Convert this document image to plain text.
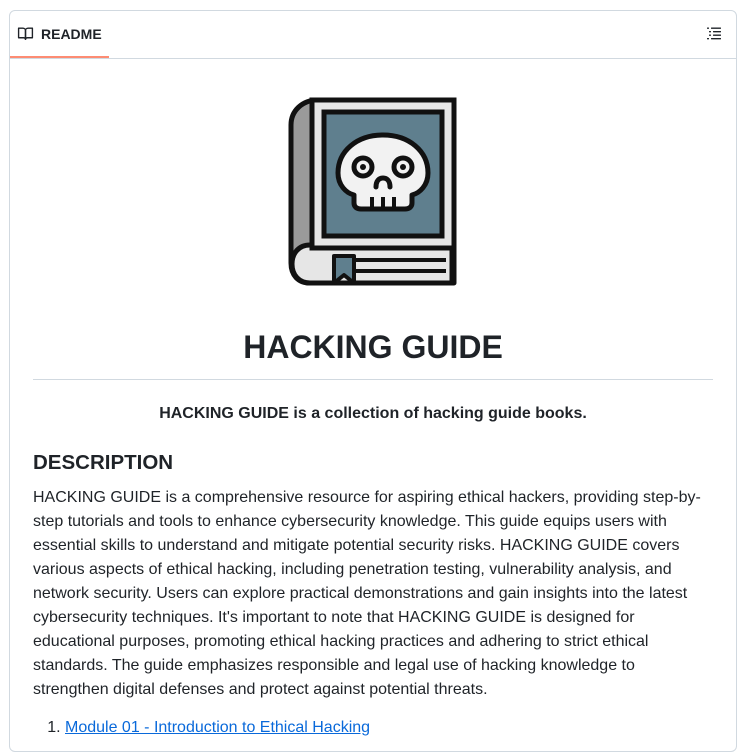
README
HACKING GUIDE
HACKING GUIDE is a collection of hacking guide books.
DESCRIPTION
HACKING GUIDE is a comprehensive resource for aspiring ethical hackers, providing step-by-step tutorials and tools to enhance cybersecurity knowledge. This guide equips users with essential skills to understand and mitigate potential security risks. HACKING GUIDE covers various aspects of ethical hacking, including penetration testing, vulnerability analysis, and network security. Users can explore practical demonstrations and gain insights into the latest cybersecurity techniques. It's important to note that HACKING GUIDE is designed for educational purposes, promoting ethical hacking practices and adhering to strict ethical standards. The guide emphasizes responsible and legal use of hacking knowledge to strengthen digital defenses and protect against potential threats.
1. Module 01 - Introduction to Ethical Hacking
